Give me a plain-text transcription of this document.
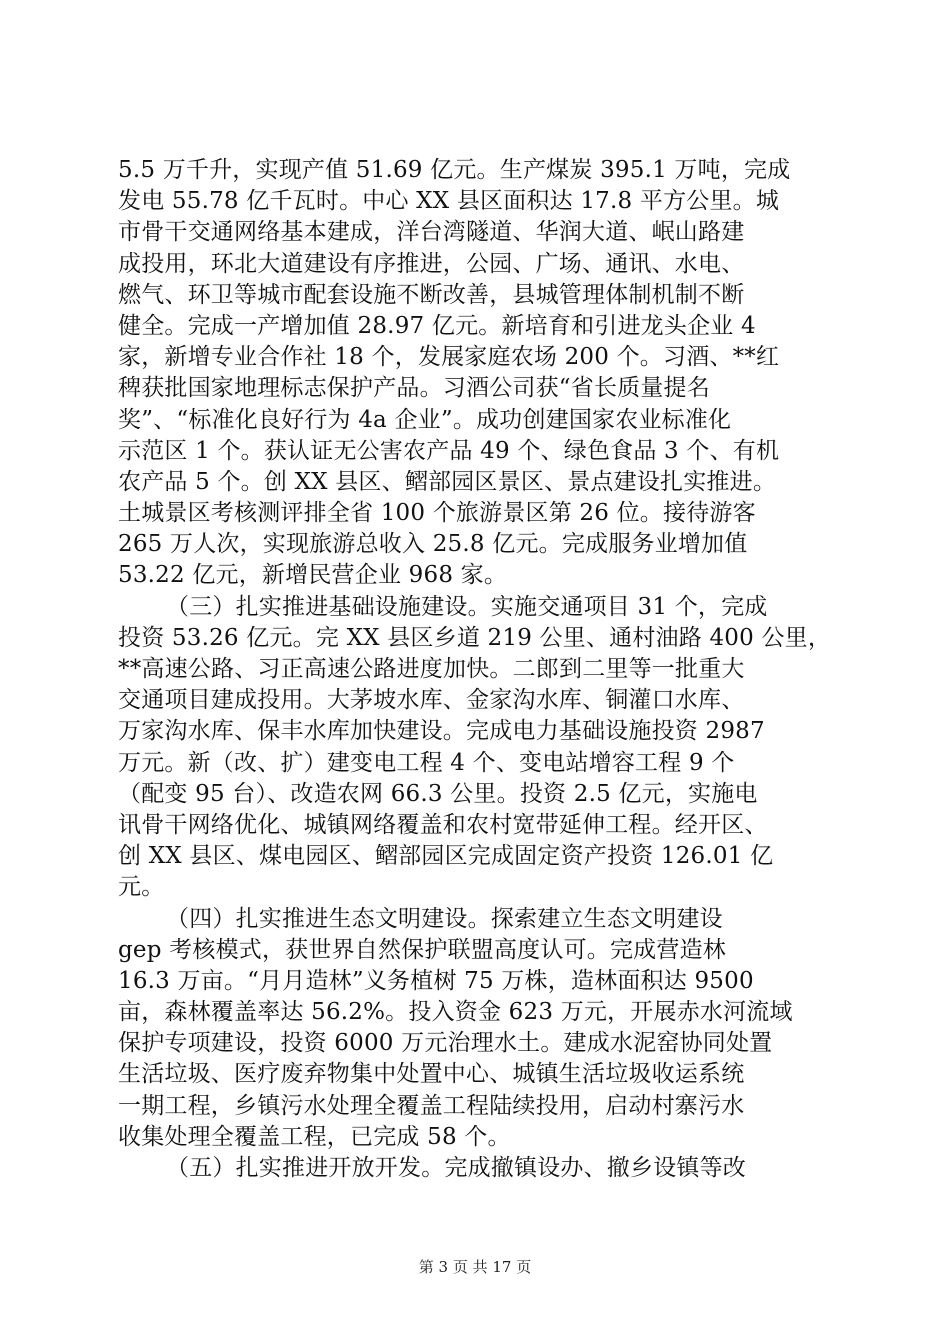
5.5 万千升，实现产值 51.69 亿元。生产煤炭 395.1 万吨，完成
发电 55.78 亿千瓦时。中心 XX 县区面积达 17.8 平方公里。城
市骨干交通网络基本建成，洋台湾隧道、华润大道、岷山路建
成投用，环北大道建设有序推进，公园、广场、通讯、水电、
燃气、环卫等城市配套设施不断改善，县城管理体制机制不断
健全。完成一产增加值 28.97 亿元。新培育和引进龙头企业 4
家，新增专业合作社 18 个，发展家庭农场 200 个。习酒、**红
稗获批国家地理标志保护产品。习酒公司获“省长质量提名
奖”、“标准化良好行为 4a 企业”。成功创建国家农业标准化
示范区 1 个。获认证无公害农产品 49 个、绿色食品 3 个、有机
农产品 5 个。创 XX 县区、鳛部园区景区、景点建设扎实推进。
土城景区考核测评排全省 100 个旅游景区第 26 位。接待游客
265 万人次，实现旅游总收入 25.8 亿元。完成服务业增加值
53.22 亿元，新增民营企业 968 家。
（三）扎实推进基础设施建设。实施交通项目 31 个，完成
投资 53.26 亿元。完 XX 县区乡道 219 公里、通村油路 400 公里，
**高速公路、习正高速公路进度加快。二郎到二里等一批重大
交通项目建成投用。大茅坡水库、金家沟水库、铜灌口水库、
万家沟水库、保丰水库加快建设。完成电力基础设施投资 2987
万元。新（改、扩）建变电工程 4 个、变电站增容工程 9 个
（配变 95 台）、改造农网 66.3 公里。投资 2.5 亿元，实施电
讯骨干网络优化、城镇网络覆盖和农村宽带延伸工程。经开区、
创 XX 县区、煤电园区、鳛部园区完成固定资产投资 126.01 亿
元。
（四）扎实推进生态文明建设。探索建立生态文明建设
gep 考核模式，获世界自然保护联盟高度认可。完成营造林
16.3 万亩。“月月造林”义务植树 75 万株，造林面积达 9500
亩，森林覆盖率达 56.2%。投入资金 623 万元，开展赤水河流域
保护专项建设，投资 6000 万元治理水土。建成水泥窑协同处置
生活垃圾、医疗废弃物集中处置中心、城镇生活垃圾收运系统
一期工程，乡镇污水处理全覆盖工程陆续投用，启动村寨污水
收集处理全覆盖工程，已完成 58 个。
（五）扎实推进开放开发。完成撤镇设办、撤乡设镇等改
第 3 页 共 17 页
